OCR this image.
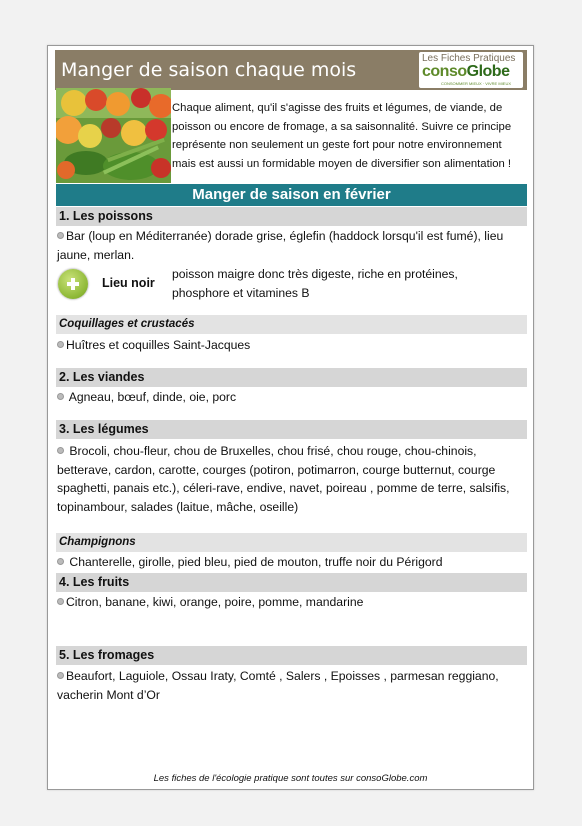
Manger de saison chaque mois
Les Fiches Pratiques
consoGlobe
CONSOMMER MIEUX · VIVRE MIEUX
Chaque aliment, qu'il s'agisse des fruits et légumes, de viande, de poisson ou encore de fromage, a sa saisonnalité. Suivre ce principe représente non seulement un geste fort pour notre environnement mais est aussi un formidable moyen de diversifier son alimentation !
Manger de saison en février
1. Les poissons
Bar (loup en Méditerranée) dorade grise, églefin (haddock lorsqu'il est fumé), lieu jaune, merlan.
Lieu noir
poisson maigre donc très digeste, riche en protéines, phosphore et vitamines B
Coquillages et crustacés
Huîtres et coquilles Saint-Jacques
2. Les viandes
Agneau, bœuf, dinde, oie, porc
3. Les légumes
Brocoli, chou-fleur, chou de Bruxelles, chou frisé, chou rouge, chou-chinois, betterave, cardon, carotte, courges (potiron, potimarron, courge butternut, courge spaghetti, panais etc.), céleri-rave, endive, navet, poireau , pomme de terre, salsifis, topinambour, salades (laitue, mâche, oseille)
Champignons
Chanterelle, girolle, pied bleu, pied de mouton, truffe noir du Périgord
4. Les fruits
Citron, banane, kiwi, orange, poire, pomme, mandarine
5. Les fromages
Beaufort, Laguiole, Ossau Iraty, Comté , Salers , Epoisses , parmesan reggiano, vacherin Mont d’Or
Les fiches de l'écologie pratique sont toutes sur consoGlobe.com
